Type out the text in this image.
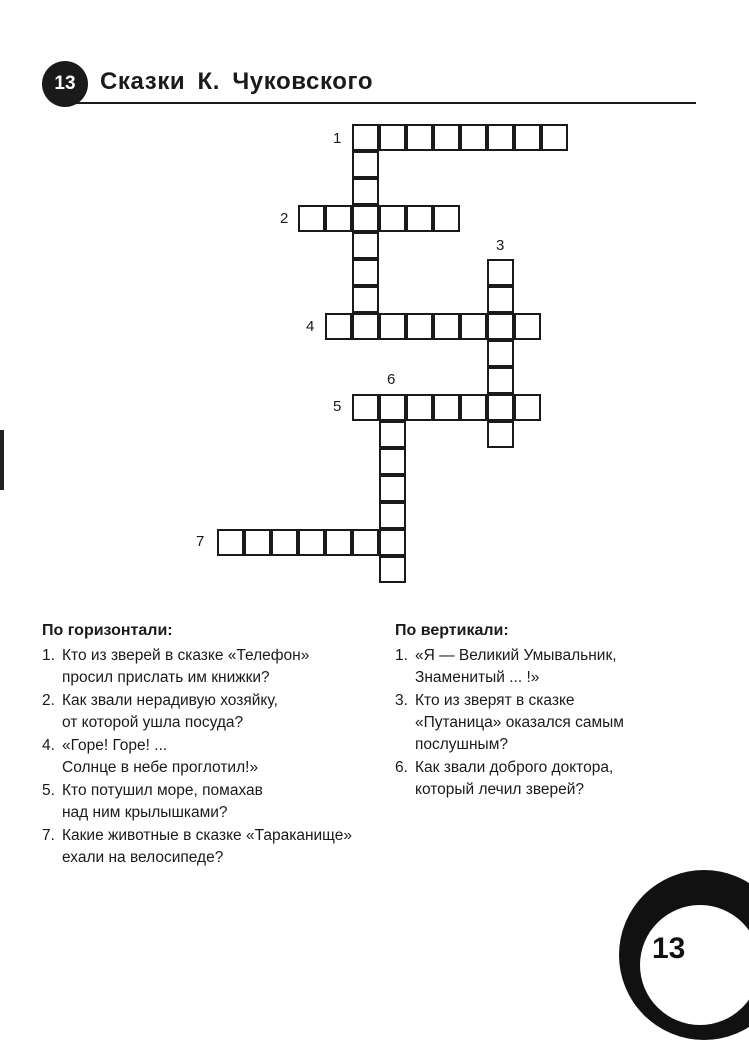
13 Сказки К. Чуковского
1
2
3
4
5
6
7
По горизонтали:
1. Кто из зверей в сказке «Телефон»
просил прислать им книжки?
2. Как звали нерадивую хозяйку,
от которой ушла посуда?
4. «Горе! Горе! ...
Солнце в небе проглотил!»
5. Кто потушил море, помахав
над ним крылышками?
7. Какие животные в сказке «Тараканище» ехали на велосипеде?
По вертикали:
1. «Я — Великий Умывальник,
Знаменитый ... !»
3. Кто из зверят в сказке
«Путаница» оказался самым
послушным?
6. Как звали доброго доктора,
который лечил зверей?
13
